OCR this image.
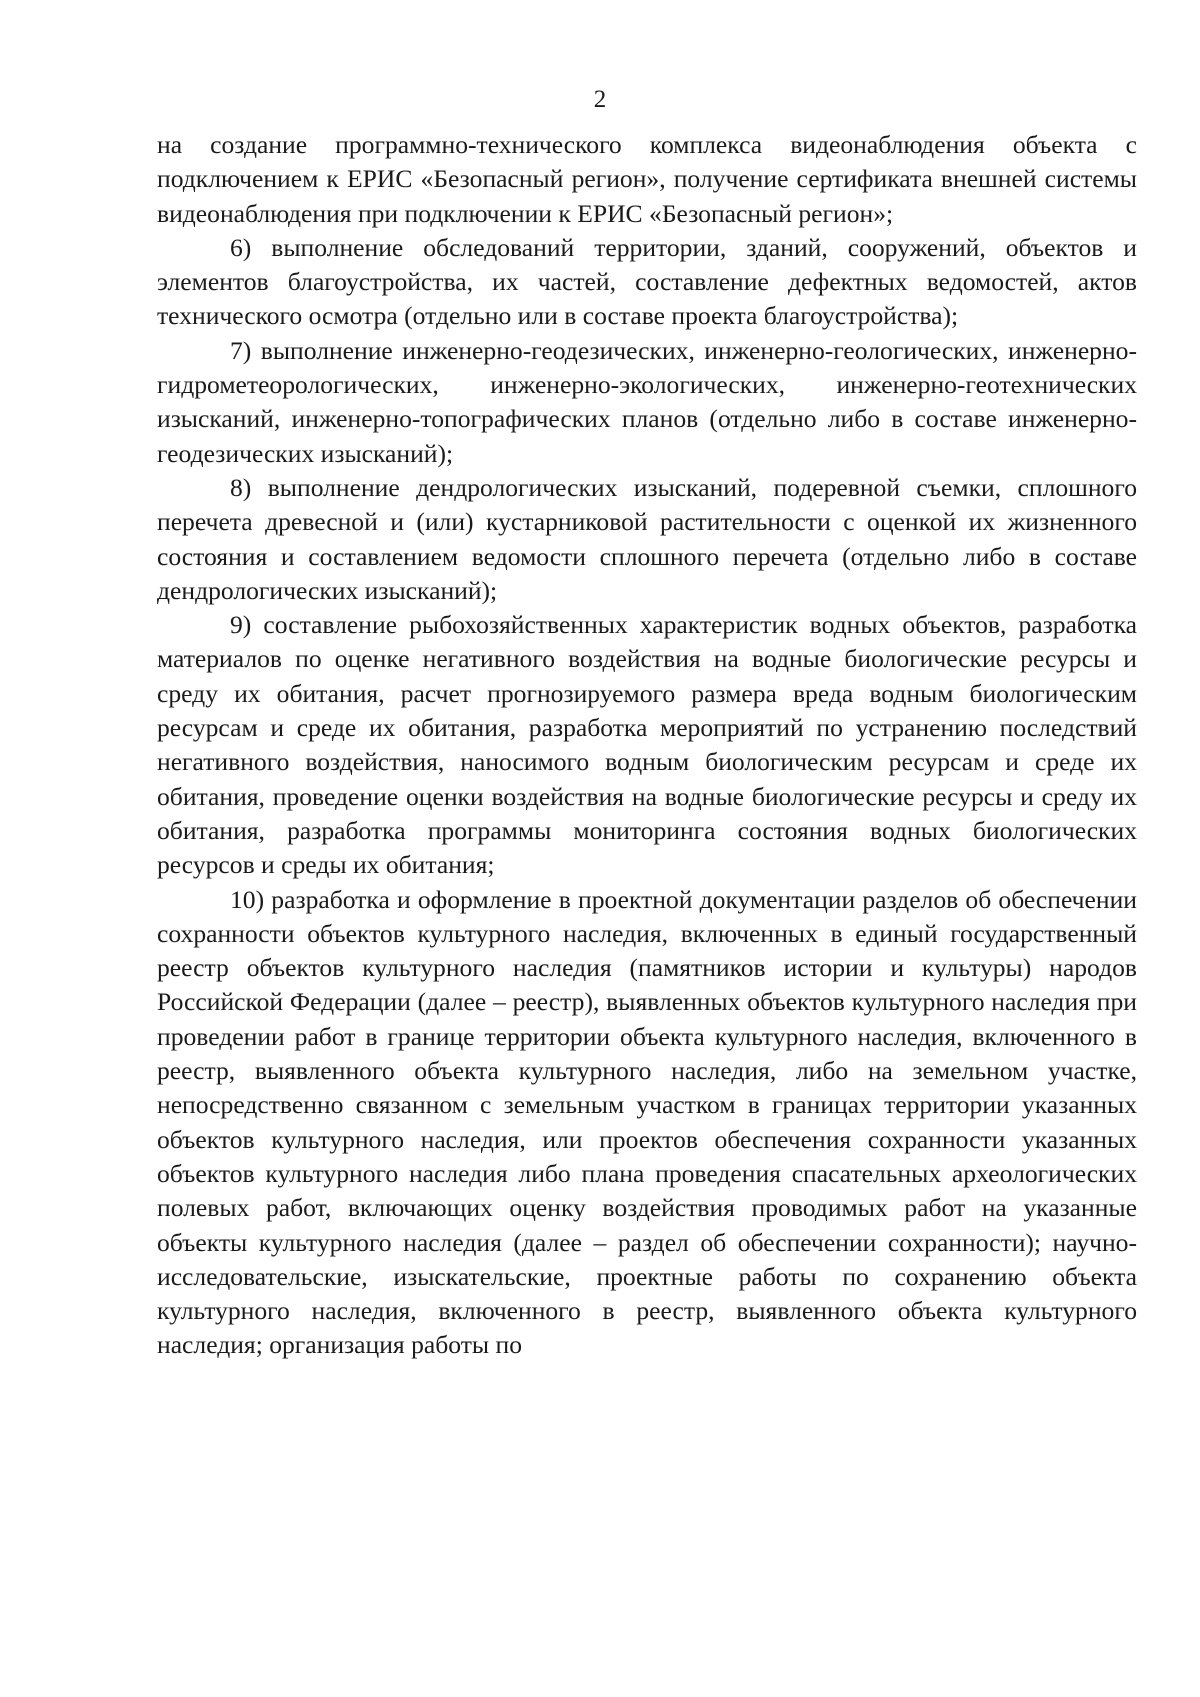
2

на создание программно-технического комплекса видеонаблюдения объекта с подключением к ЕРИС «Безопасный регион», получение сертификата внешней системы видеонаблюдения при подключении к ЕРИС «Безопасный регион»;

6) выполнение обследований территории, зданий, сооружений, объектов и элементов благоустройства, их частей, составление дефектных ведомостей, актов технического осмотра (отдельно или в составе проекта благоустройства);

7) выполнение инженерно-геодезических, инженерно-геологических, инженерно-гидрометеорологических, инженерно-экологических, инженерно-геотехнических изысканий, инженерно-топографических планов (отдельно либо в составе инженерно-геодезических изысканий);

8) выполнение дендрологических изысканий, подеревной съемки, сплошного перечета древесной и (или) кустарниковой растительности с оценкой их жизненного состояния и составлением ведомости сплошного перечета (отдельно либо в составе дендрологических изысканий);

9) составление рыбохозяйственных характеристик водных объектов, разработка материалов по оценке негативного воздействия на водные биологические ресурсы и среду их обитания, расчет прогнозируемого размера вреда водным биологическим ресурсам и среде их обитания, разработка мероприятий по устранению последствий негативного воздействия, наносимого водным биологическим ресурсам и среде их обитания, проведение оценки воздействия на водные биологические ресурсы и среду их обитания, разработка программы мониторинга состояния водных биологических ресурсов и среды их обитания;

10) разработка и оформление в проектной документации разделов об обеспечении сохранности объектов культурного наследия, включенных в единый государственный реестр объектов культурного наследия (памятников истории и культуры) народов Российской Федерации (далее – реестр), выявленных объектов культурного наследия при проведении работ в границе территории объекта культурного наследия, включенного в реестр, выявленного объекта культурного наследия, либо на земельном участке, непосредственно связанном с земельным участком в границах территории указанных объектов культурного наследия, или проектов обеспечения сохранности указанных объектов культурного наследия либо плана проведения спасательных археологических полевых работ, включающих оценку воздействия проводимых работ на указанные объекты культурного наследия (далее – раздел об обеспечении сохранности); научно-исследовательские, изыскательские, проектные работы по сохранению объекта культурного наследия, включенного в реестр, выявленного объекта культурного наследия; организация работы по
